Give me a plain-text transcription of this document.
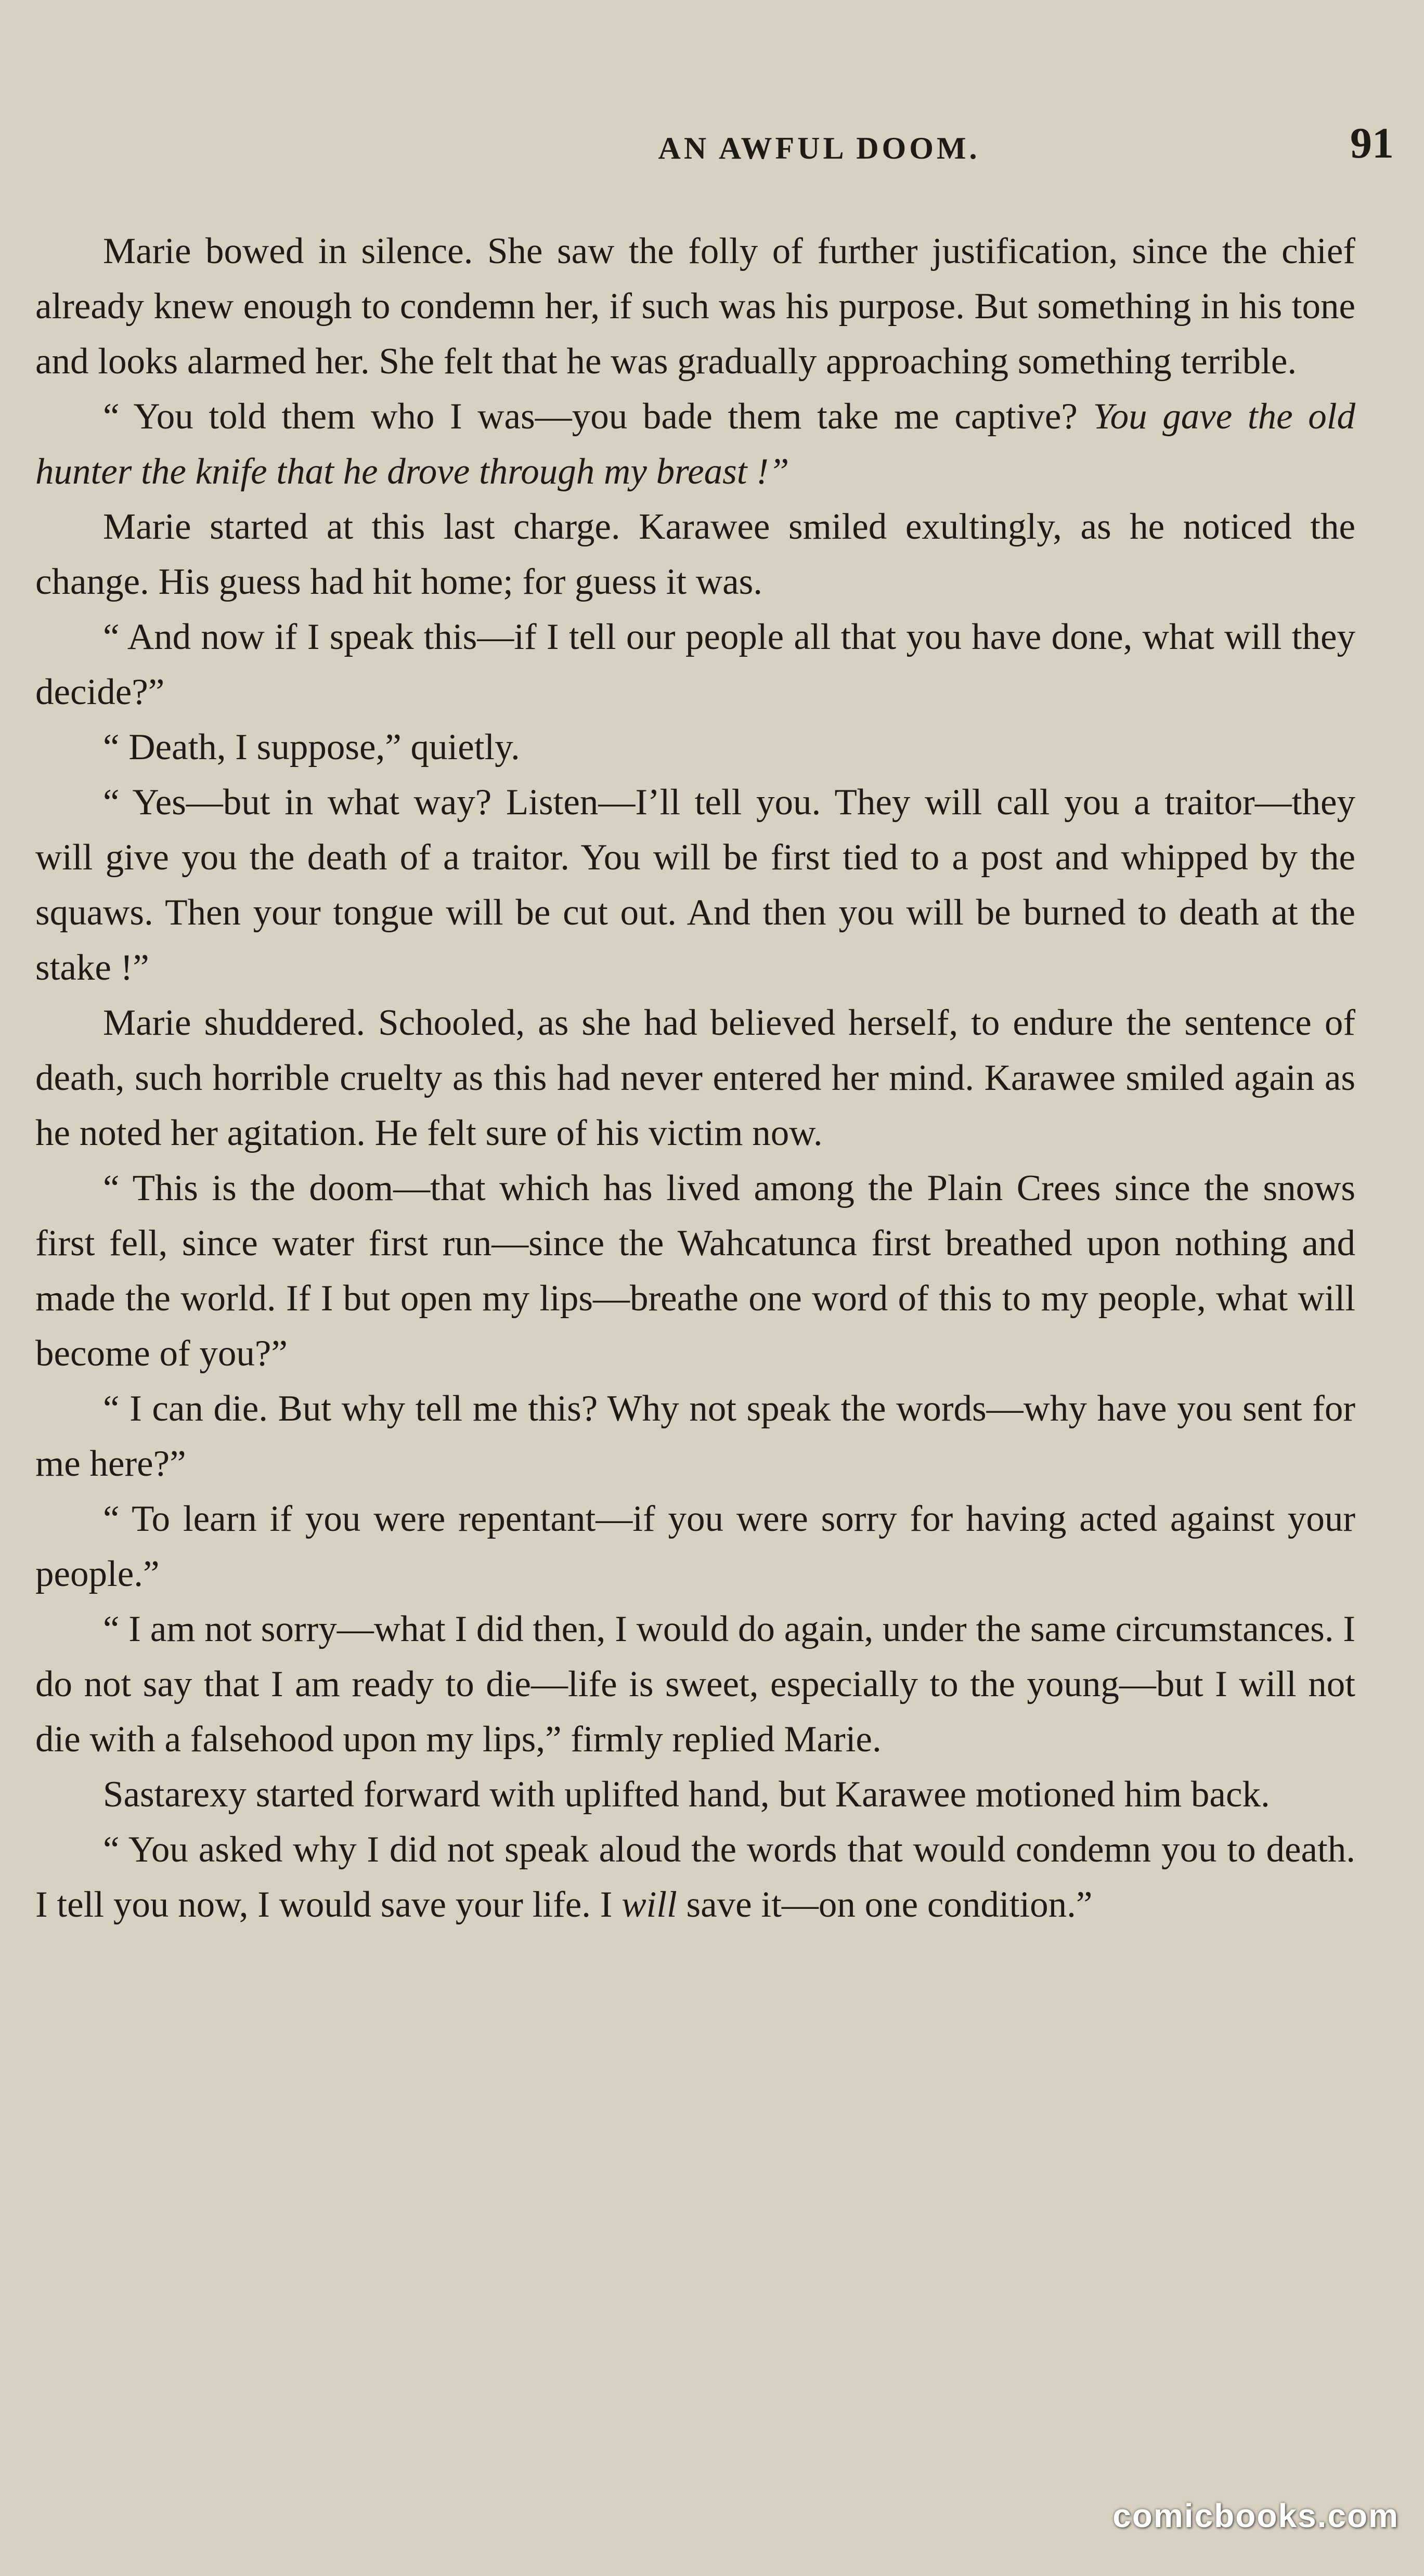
AN AWFUL DOOM.	91

Marie bowed in silence. She saw the folly of further justification, since the chief already knew enough to condemn her, if such was his purpose. But something in his tone and looks alarmed her. She felt that he was gradually approaching something terrible.

“ You told them who I was—you bade them take me captive? You gave the old hunter the knife that he drove through my breast !”

Marie started at this last charge. Karawee smiled exultingly, as he noticed the change. His guess had hit home; for guess it was.

“ And now if I speak this—if I tell our people all that you have done, what will they decide?”

“ Death, I suppose,” quietly.

“ Yes—but in what way? Listen—I’ll tell you. They will call you a traitor—they will give you the death of a traitor. You will be first tied to a post and whipped by the squaws. Then your tongue will be cut out. And then you will be burned to death at the stake !”

Marie shuddered. Schooled, as she had believed herself, to endure the sentence of death, such horrible cruelty as this had never entered her mind. Karawee smiled again as he noted her agitation. He felt sure of his victim now.

“ This is the doom—that which has lived among the Plain Crees since the snows first fell, since water first run—since the Wahcatunca first breathed upon nothing and made the world. If I but open my lips—breathe one word of this to my people, what will become of you?”

“ I can die. But why tell me this? Why not speak the words—why have you sent for me here?”

“ To learn if you were repentant—if you were sorry for having acted against your people.”

“ I am not sorry—what I did then, I would do again, under the same circumstances. I do not say that I am ready to die—life is sweet, especially to the young—but I will not die with a falsehood upon my lips,” firmly replied Marie.

Sastarexy started forward with uplifted hand, but Karawee motioned him back.

“ You asked why I did not speak aloud the words that would condemn you to death. I tell you now, I would save your life. I will save it—on one condition.”

comicbooks.com
